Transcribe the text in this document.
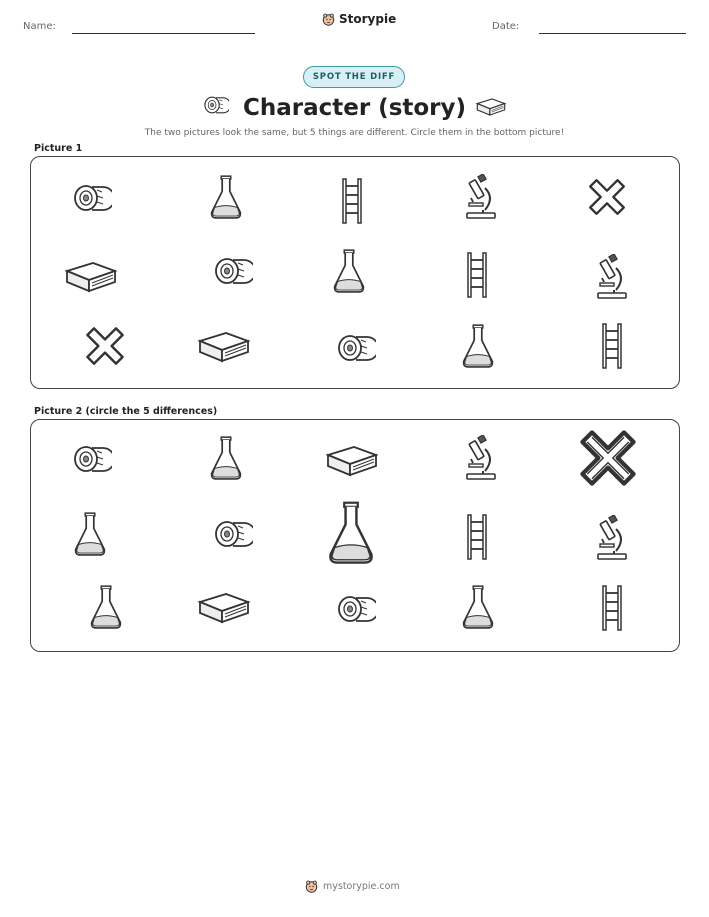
Name:
Storypie
Date:
SPOT THE DIFF
Character (story)
The two pictures look the same, but 5 things are different. Circle them in the bottom picture!
Picture 1
Picture 2 (circle the 5 differences)
mystorypie.com
